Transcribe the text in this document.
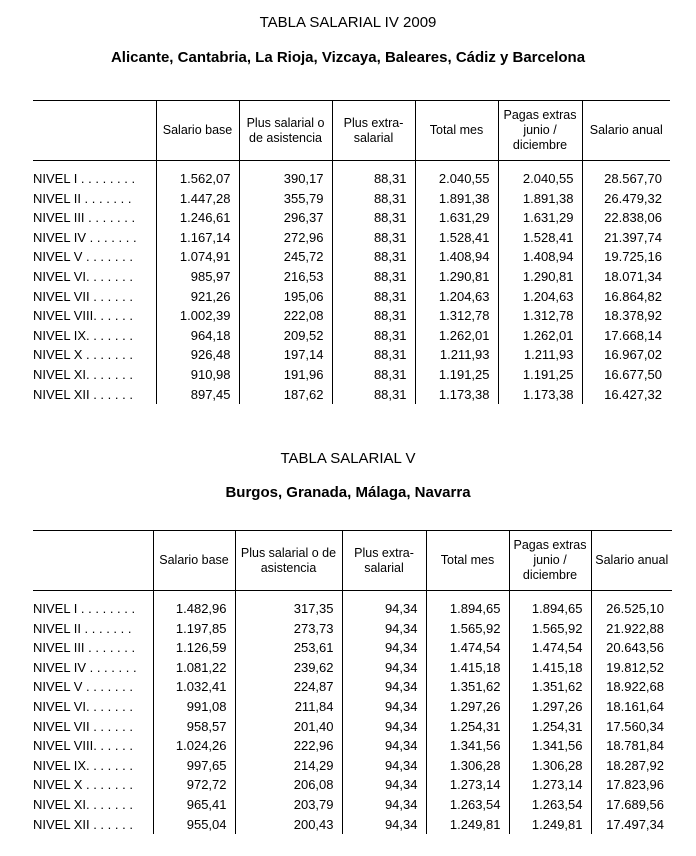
TABLA SALARIAL IV 2009
Alicante, Cantabria, La Rioja, Vizcaya, Baleares, Cádiz y Barcelona
	Salario base	Plus salarial o de asistencia	Plus extra-salarial	Total mes	Pagas extras junio / diciembre	Salario anual

NIVEL I . . . . . . . .	1.562,07	390,17	88,31	2.040,55	2.040,55	28.567,70
NIVEL II . . . . . . .	1.447,28	355,79	88,31	1.891,38	1.891,38	26.479,32
NIVEL III . . . . . . .	1.246,61	296,37	88,31	1.631,29	1.631,29	22.838,06
NIVEL IV . . . . . . .	1.167,14	272,96	88,31	1.528,41	1.528,41	21.397,74
NIVEL V . . . . . . .	1.074,91	245,72	88,31	1.408,94	1.408,94	19.725,16
NIVEL VI. . . . . . .	985,97	216,53	88,31	1.290,81	1.290,81	18.071,34
NIVEL VII . . . . . .	921,26	195,06	88,31	1.204,63	1.204,63	16.864,82
NIVEL VIII. . . . . .	1.002,39	222,08	88,31	1.312,78	1.312,78	18.378,92
NIVEL IX. . . . . . .	964,18	209,52	88,31	1.262,01	1.262,01	17.668,14
NIVEL X . . . . . . .	926,48	197,14	88,31	1.211,93	1.211,93	16.967,02
NIVEL XI. . . . . . .	910,98	191,96	88,31	1.191,25	1.191,25	16.677,50
NIVEL XII . . . . . .	897,45	187,62	88,31	1.173,38	1.173,38	16.427,32
TABLA SALARIAL V
Burgos, Granada, Málaga, Navarra
	Salario base	Plus salarial o de asistencia	Plus extra-salarial	Total mes	Pagas extras junio / diciembre	Salario anual

NIVEL I . . . . . . . .	1.482,96	317,35	94,34	1.894,65	1.894,65	26.525,10
NIVEL II . . . . . . .	1.197,85	273,73	94,34	1.565,92	1.565,92	21.922,88
NIVEL III . . . . . . .	1.126,59	253,61	94,34	1.474,54	1.474,54	20.643,56
NIVEL IV . . . . . . .	1.081,22	239,62	94,34	1.415,18	1.415,18	19.812,52
NIVEL V . . . . . . .	1.032,41	224,87	94,34	1.351,62	1.351,62	18.922,68
NIVEL VI. . . . . . .	991,08	211,84	94,34	1.297,26	1.297,26	18.161,64
NIVEL VII . . . . . .	958,57	201,40	94,34	1.254,31	1.254,31	17.560,34
NIVEL VIII. . . . . .	1.024,26	222,96	94,34	1.341,56	1.341,56	18.781,84
NIVEL IX. . . . . . .	997,65	214,29	94,34	1.306,28	1.306,28	18.287,92
NIVEL X . . . . . . .	972,72	206,08	94,34	1.273,14	1.273,14	17.823,96
NIVEL XI. . . . . . .	965,41	203,79	94,34	1.263,54	1.263,54	17.689,56
NIVEL XII . . . . . .	955,04	200,43	94,34	1.249,81	1.249,81	17.497,34
